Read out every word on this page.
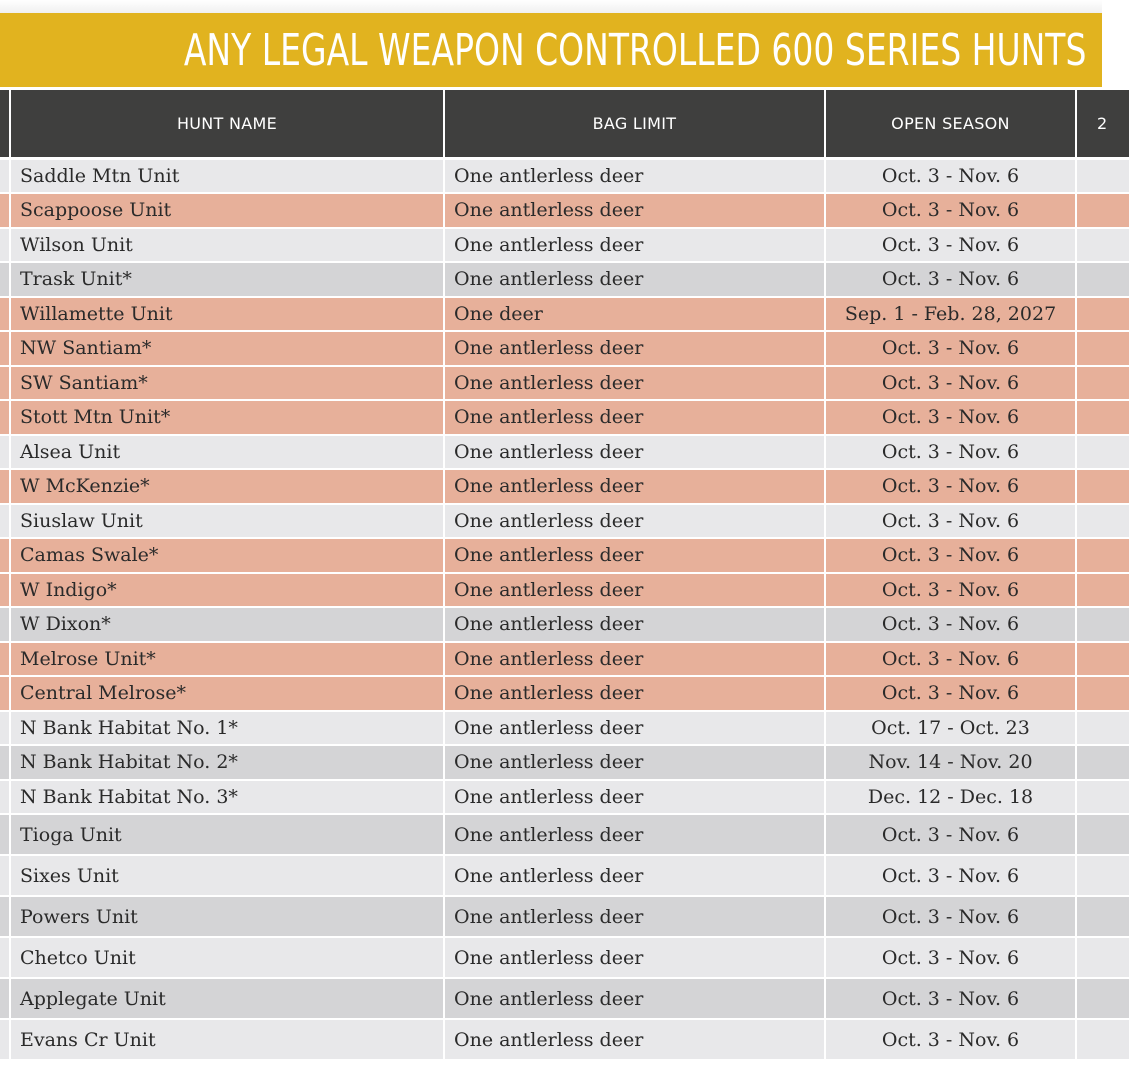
ANY LEGAL WEAPON CONTROLLED 600 SERIES HUNTS
	HUNT NAME	BAG LIMIT	OPEN SEASON	2
	Saddle Mtn Unit	One antlerless deer	Oct. 3 - Nov. 6	
	Scappoose Unit	One antlerless deer	Oct. 3 - Nov. 6	
	Wilson Unit	One antlerless deer	Oct. 3 - Nov. 6	
	Trask Unit*	One antlerless deer	Oct. 3 - Nov. 6	
	Willamette Unit	One deer	Sep. 1 - Feb. 28, 2027	
	NW Santiam*	One antlerless deer	Oct. 3 - Nov. 6	
	SW Santiam*	One antlerless deer	Oct. 3 - Nov. 6	
	Stott Mtn Unit*	One antlerless deer	Oct. 3 - Nov. 6	
	Alsea Unit	One antlerless deer	Oct. 3 - Nov. 6	
	W McKenzie*	One antlerless deer	Oct. 3 - Nov. 6	
	Siuslaw Unit	One antlerless deer	Oct. 3 - Nov. 6	
	Camas Swale*	One antlerless deer	Oct. 3 - Nov. 6	
	W Indigo*	One antlerless deer	Oct. 3 - Nov. 6	
	W Dixon*	One antlerless deer	Oct. 3 - Nov. 6	
	Melrose Unit*	One antlerless deer	Oct. 3 - Nov. 6	
	Central Melrose*	One antlerless deer	Oct. 3 - Nov. 6	
	N Bank Habitat No. 1*	One antlerless deer	Oct. 17 - Oct. 23	
	N Bank Habitat No. 2*	One antlerless deer	Nov. 14 - Nov. 20	
	N Bank Habitat No. 3*	One antlerless deer	Dec. 12 - Dec. 18	
	Tioga Unit	One antlerless deer	Oct. 3 - Nov. 6	
	Sixes Unit	One antlerless deer	Oct. 3 - Nov. 6	
	Powers Unit	One antlerless deer	Oct. 3 - Nov. 6	
	Chetco Unit	One antlerless deer	Oct. 3 - Nov. 6	
	Applegate Unit	One antlerless deer	Oct. 3 - Nov. 6	
	Evans Cr Unit	One antlerless deer	Oct. 3 - Nov. 6	
